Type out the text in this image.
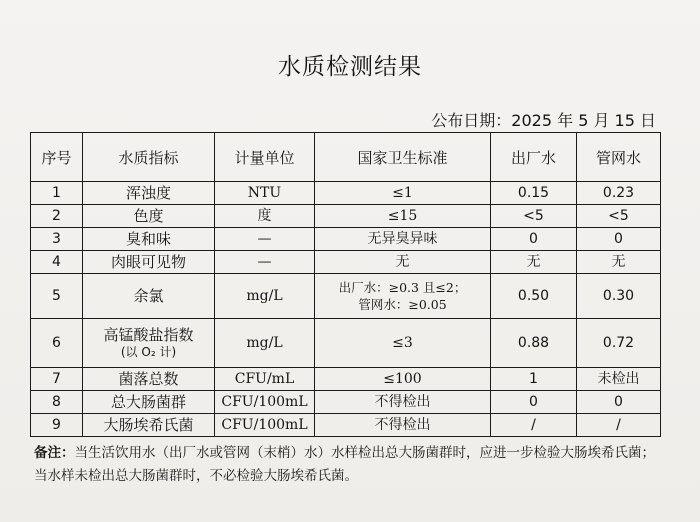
水质检测结果
公布日期：2025 年 5 月 15 日
序号	水质指标	计量单位	国家卫生标准	出厂水	管网水
1	浑浊度	NTU	≤1	0.15	0.23
2	色度	度	≤15	<5	<5
3	臭和味	—	无异臭异味	0	0
4	肉眼可见物	—	无	无	无
5	余氯	mg/L	出厂水：≥0.3 且≤2；
管网水：≥0.05	0.50	0.30
6	高锰酸盐指数
(以 O₂ 计)	mg/L	≤3	0.88	0.72
7	菌落总数	CFU/mL	≤100	1	未检出
8	总大肠菌群	CFU/100mL	不得检出	0	0
9	大肠埃希氏菌	CFU/100mL	不得检出	/	/
备注：当生活饮用水（出厂水或管网（末梢）水）水样检出总大肠菌群时，应进一步检验大肠埃希氏菌；当水样未检出总大肠菌群时，不必检验大肠埃希氏菌。
